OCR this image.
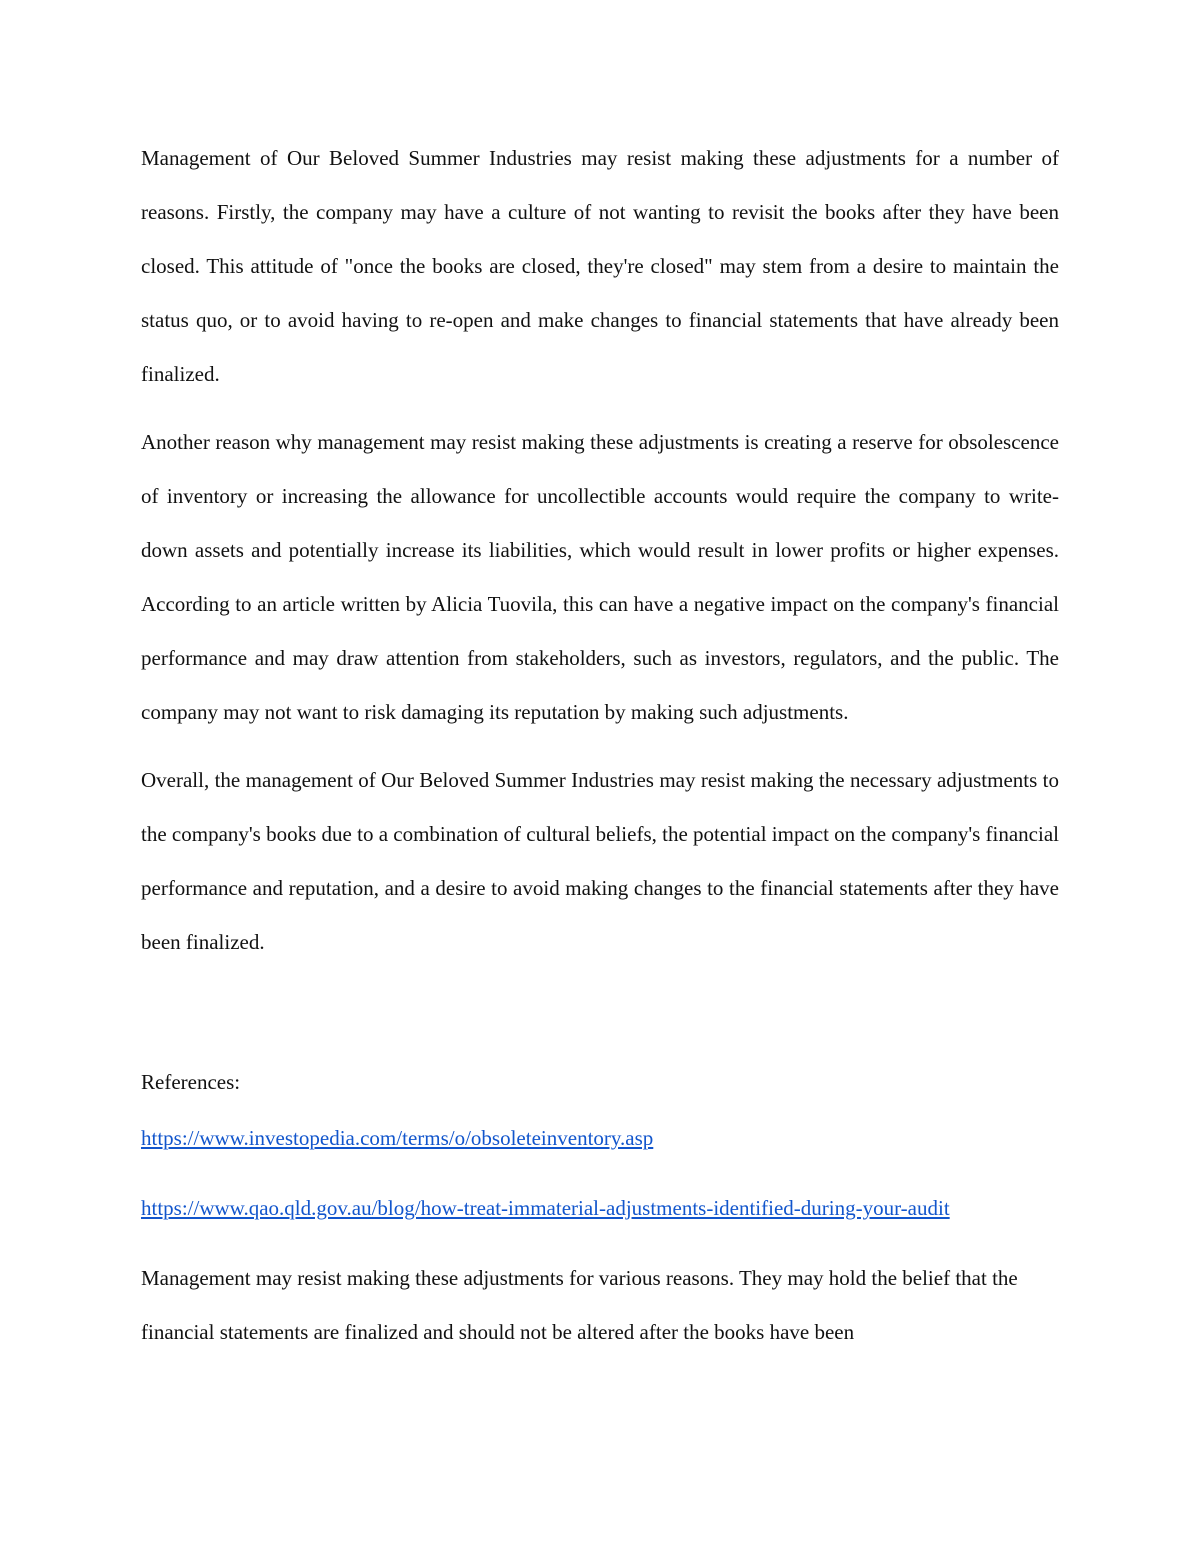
Management of Our Beloved Summer Industries may resist making these adjustments for a number of reasons. Firstly, the company may have a culture of not wanting to revisit the books after they have been closed. This attitude of "once the books are closed, they're closed" may stem from a desire to maintain the status quo, or to avoid having to re-open and make changes to financial statements that have already been finalized.

Another reason why management may resist making these adjustments is creating a reserve for obsolescence of inventory or increasing the allowance for uncollectible accounts would require the company to write-down assets and potentially increase its liabilities, which would result in lower profits or higher expenses. According to an article written by Alicia Tuovila, this can have a negative impact on the company's financial performance and may draw attention from stakeholders, such as investors, regulators, and the public. The company may not want to risk damaging its reputation by making such adjustments.

Overall, the management of Our Beloved Summer Industries may resist making the necessary adjustments to the company's books due to a combination of cultural beliefs, the potential impact on the company's financial performance and reputation, and a desire to avoid making changes to the financial statements after they have been finalized.

References:

https://www.investopedia.com/terms/o/obsoleteinventory.asp
https://www.qao.qld.gov.au/blog/how-treat-immaterial-adjustments-identified-during-your-audit

Management may resist making these adjustments for various reasons. They may hold the belief that the financial statements are finalized and should not be altered after the books have been
